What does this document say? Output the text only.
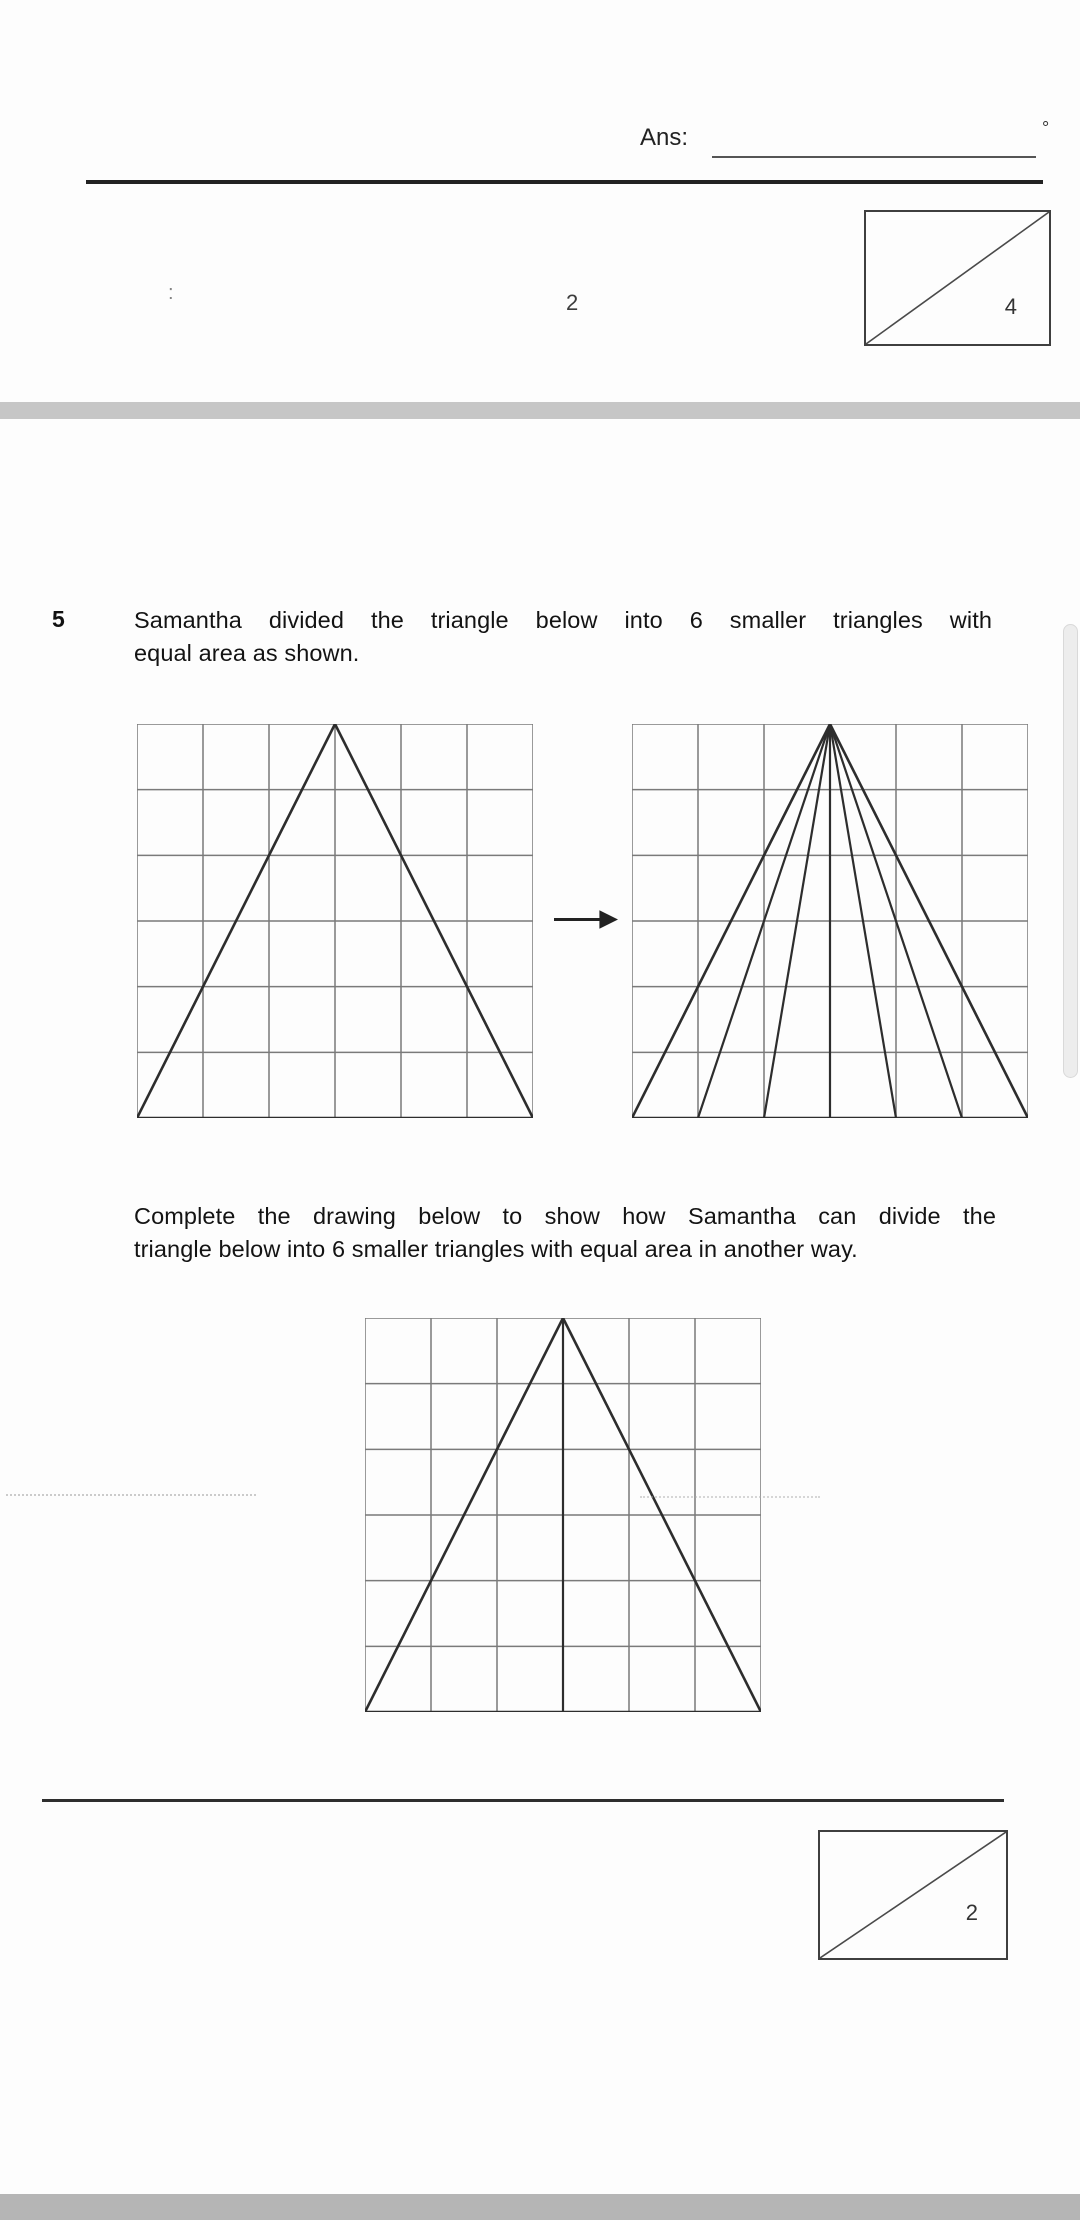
Ans:	°
4
:	2
5	Samantha divided the triangle below into 6 smaller triangles with
equal area as shown.
Complete the drawing below to show how Samantha can divide the
triangle below into 6 smaller triangles with equal area in another way.
2
